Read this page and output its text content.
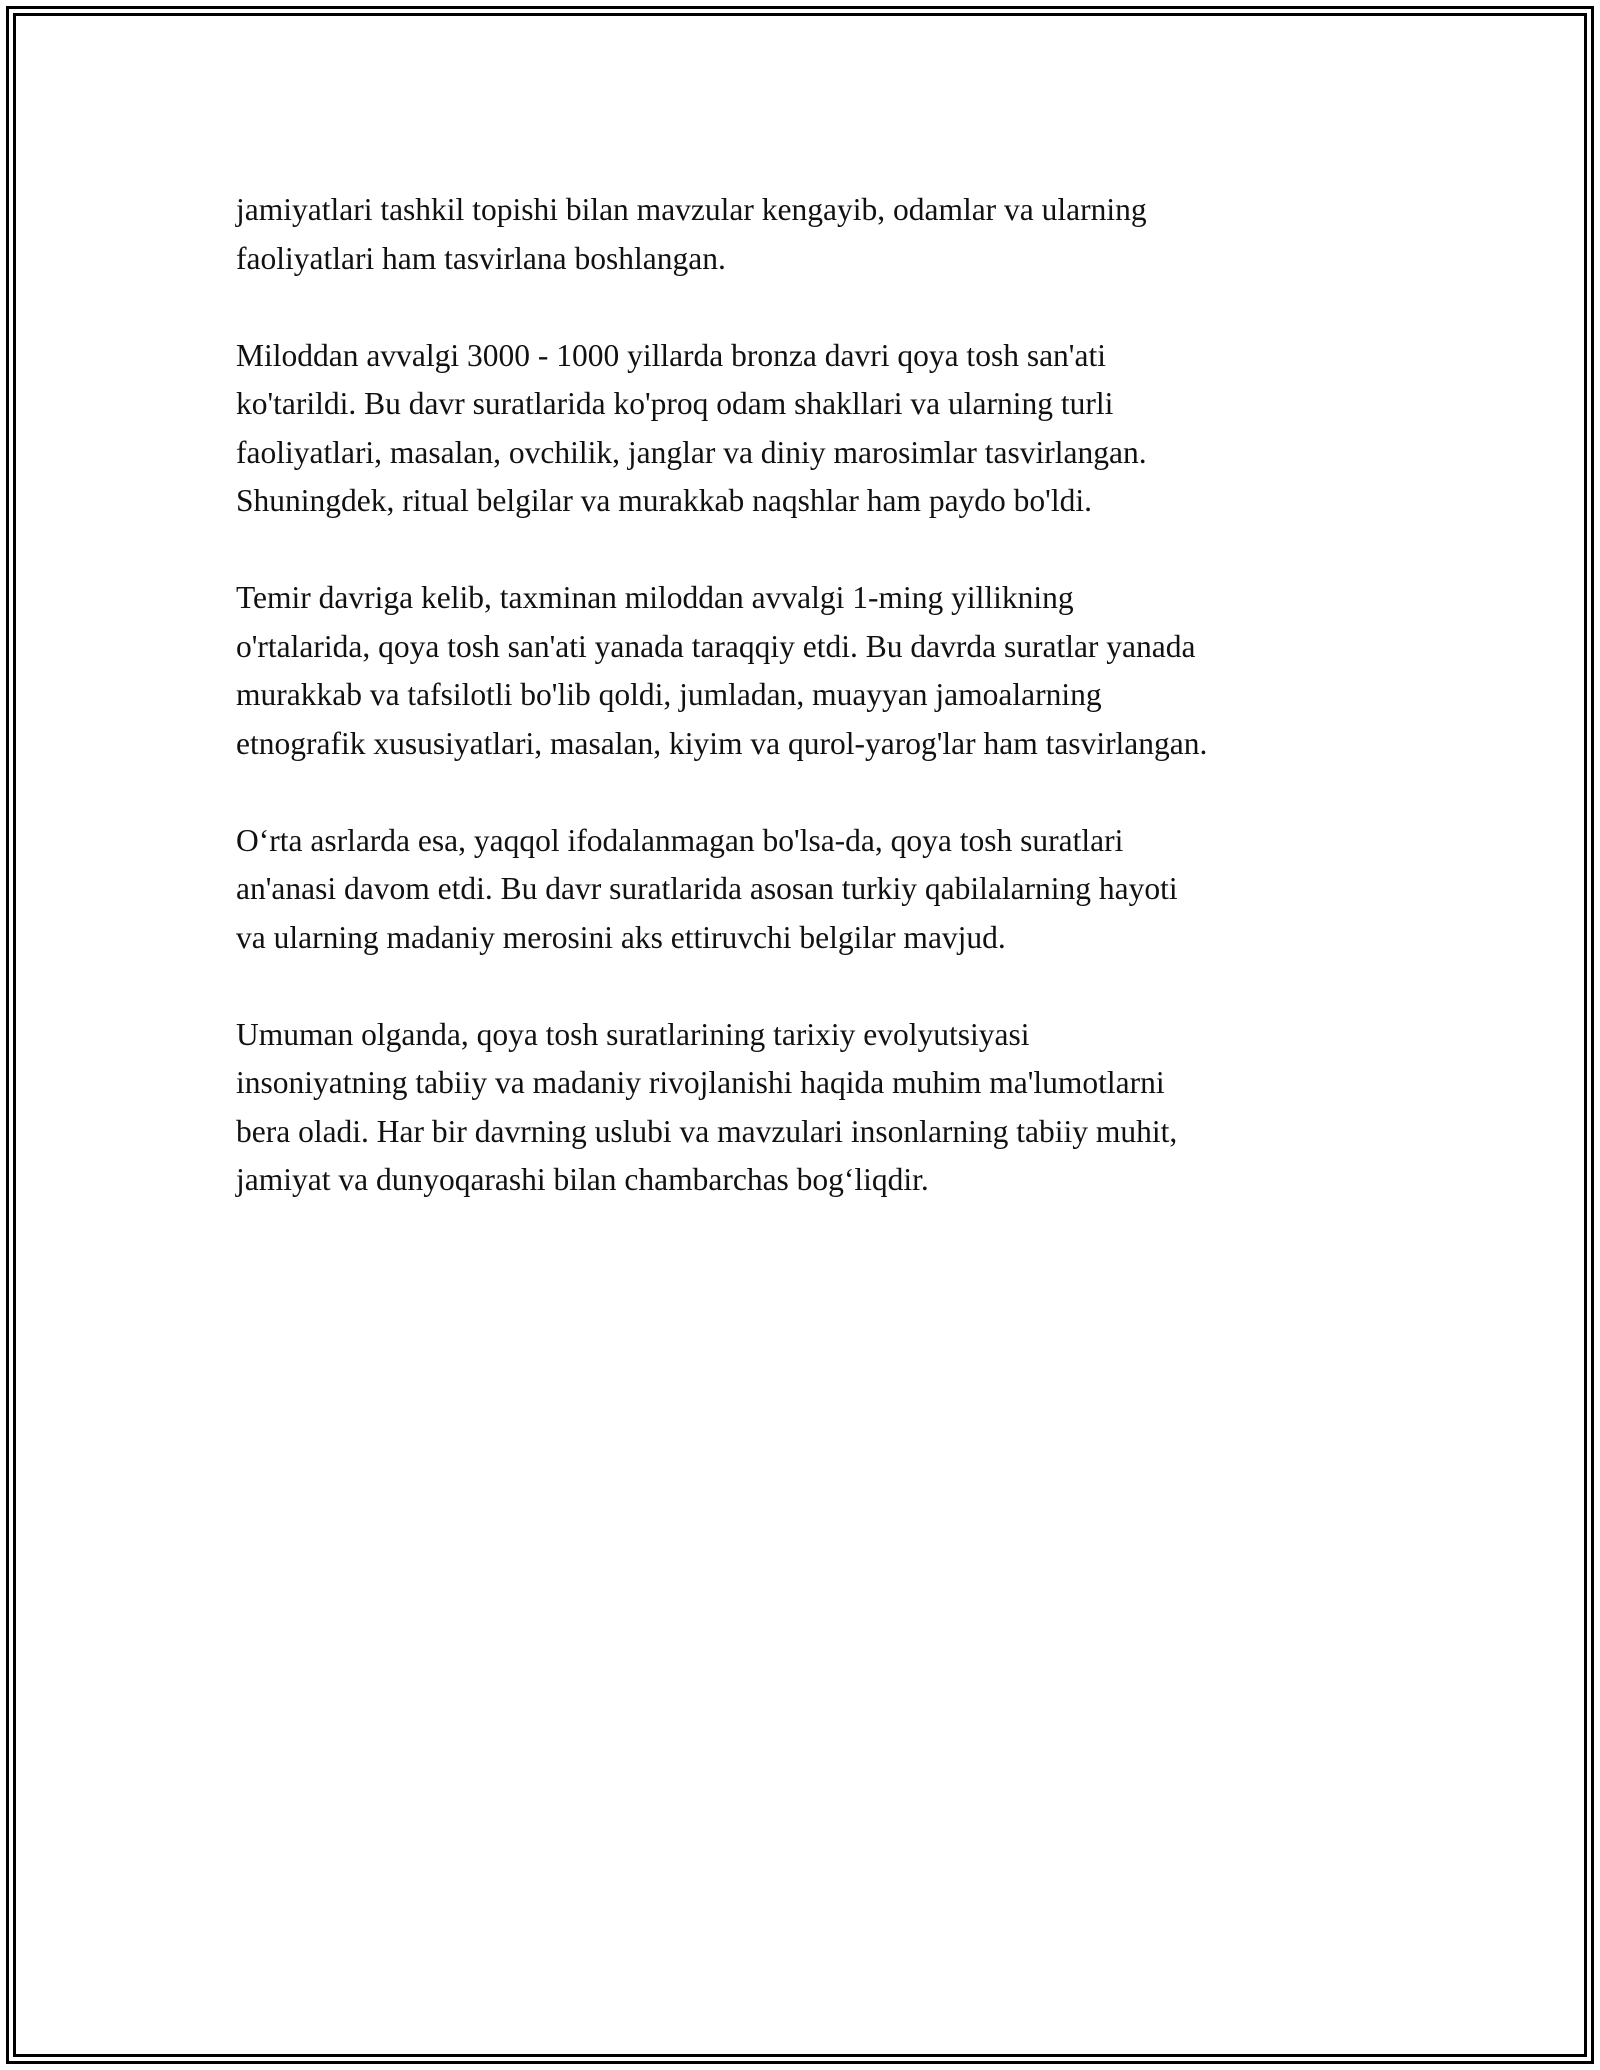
jamiyatlari tashkil topishi bilan mavzular kengayib, odamlar va ularning
faoliyatlari ham tasvirlana boshlangan.

Miloddan avvalgi 3000 - 1000 yillarda bronza davri qoya tosh san'ati
ko'tarildi. Bu davr suratlarida ko'proq odam shakllari va ularning turli
faoliyatlari, masalan, ovchilik, janglar va diniy marosimlar tasvirlangan.
Shuningdek, ritual belgilar va murakkab naqshlar ham paydo bo'ldi.

Temir davriga kelib, taxminan miloddan avvalgi 1-ming yillikning
o'rtalarida, qoya tosh san'ati yanada taraqqiy etdi. Bu davrda suratlar yanada
murakkab va tafsilotli bo'lib qoldi, jumladan, muayyan jamoalarning
etnografik xususiyatlari, masalan, kiyim va qurol-yarog'lar ham tasvirlangan.

O‘rta asrlarda esa, yaqqol ifodalanmagan bo'lsa-da, qoya tosh suratlari
an'anasi davom etdi. Bu davr suratlarida asosan turkiy qabilalarning hayoti
va ularning madaniy merosini aks ettiruvchi belgilar mavjud.

Umuman olganda, qoya tosh suratlarining tarixiy evolyutsiyasi
insoniyatning tabiiy va madaniy rivojlanishi haqida muhim ma'lumotlarni
bera oladi. Har bir davrning uslubi va mavzulari insonlarning tabiiy muhit,
jamiyat va dunyoqarashi bilan chambarchas bog‘liqdir.
